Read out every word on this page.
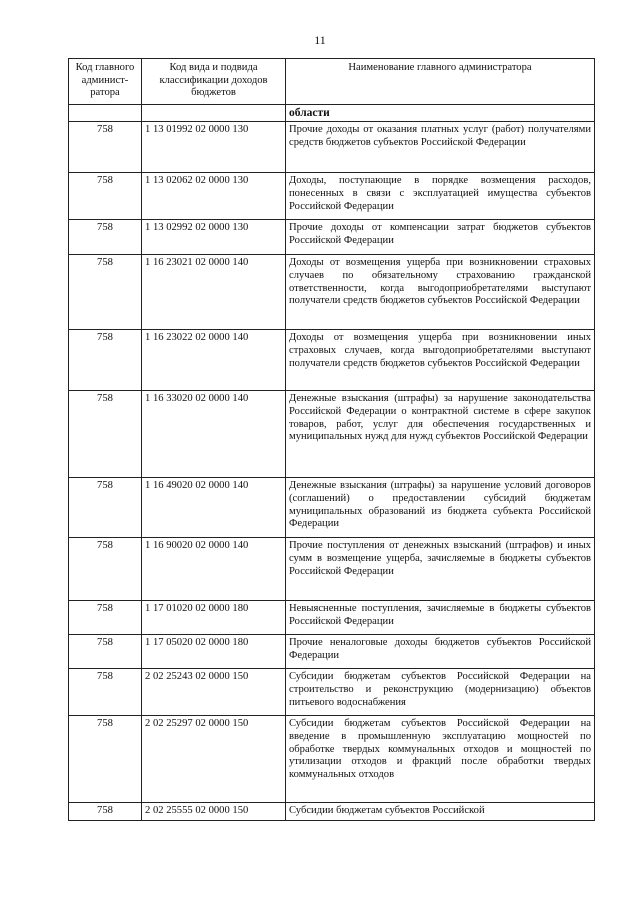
11
Код главного админист-ратора	Код вида и подвида классификации доходов бюджетов	Наименование главного администратора
		области
758	1 13 01992 02 0000 130	Прочие доходы от оказания платных услуг (работ) получателями средств бюджетов субъектов Российской Федерации
758	1 13 02062 02 0000 130	Доходы, поступающие в порядке возмещения расходов, понесенных в связи с эксплуатацией имущества субъектов Российской Федерации
758	1 13 02992 02 0000 130	Прочие доходы от компенсации затрат бюджетов субъектов Российской Федерации
758	1 16 23021 02 0000 140	Доходы от возмещения ущерба при возникновении страховых случаев по обязательному страхованию гражданской ответственности, когда выгодоприобретателями выступают получатели средств бюджетов субъектов Российской Федерации
758	1 16 23022 02 0000 140	Доходы от возмещения ущерба при возникновении иных страховых случаев, когда выгодоприобретателями выступают получатели средств бюджетов субъектов Российской Федерации
758	1 16 33020 02 0000 140	Денежные взыскания (штрафы) за нарушение законодательства Российской Федерации о контрактной системе в сфере закупок товаров, работ, услуг для обеспечения государственных и муниципальных нужд для нужд субъектов Российской Федерации
758	1 16 49020 02 0000 140	Денежные взыскания (штрафы) за нарушение условий договоров (соглашений) о предоставлении субсидий бюджетам муниципальных образований из бюджета субъекта Российской Федерации
758	1 16 90020 02 0000 140	Прочие поступления от денежных взысканий (штрафов) и иных сумм в возмещение ущерба, зачисляемые в бюджеты субъектов Российской Федерации
758	1 17 01020 02 0000 180	Невыясненные поступления, зачисляемые в бюджеты субъектов Российской Федерации
758	1 17 05020 02 0000 180	Прочие неналоговые доходы бюджетов субъектов Российской Федерации
758	2 02 25243 02 0000 150	Субсидии бюджетам субъектов Российской Федерации на строительство и реконструкцию (модернизацию) объектов питьевого водоснабжения
758	2 02 25297 02 0000 150	Субсидии бюджетам субъектов Российской Федерации на введение в промышленную эксплуатацию мощностей по обработке твердых коммунальных отходов и мощностей по утилизации отходов и фракций после обработки твердых коммунальных отходов
758	2 02 25555 02 0000 150	Субсидии бюджетам субъектов Российской
